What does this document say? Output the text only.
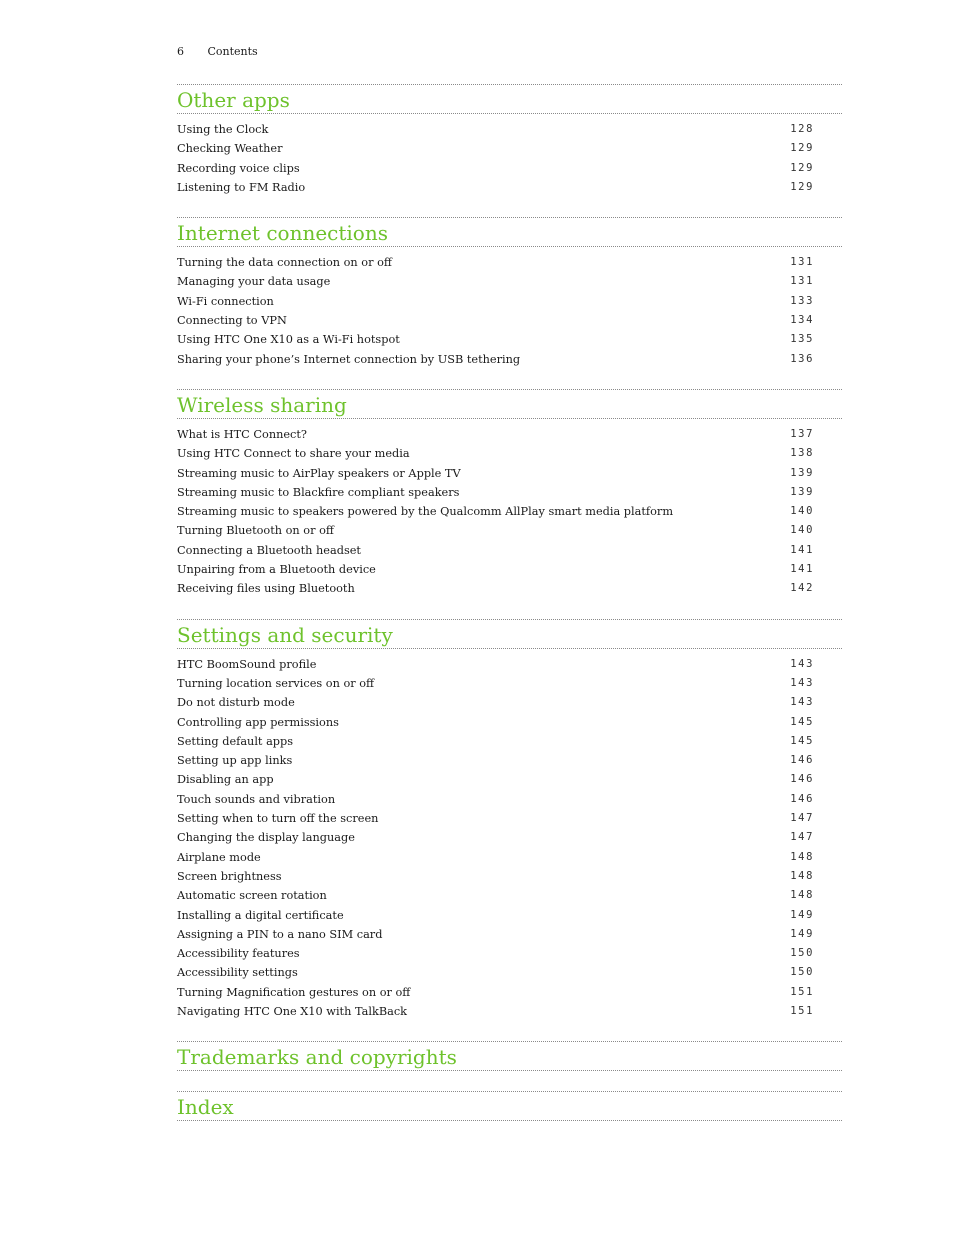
6 Contents
Other apps
Using the Clock	128
Checking Weather	129
Recording voice clips	129
Listening to FM Radio	129
Internet connections
Turning the data connection on or off	131
Managing your data usage	131
Wi-Fi connection	133
Connecting to VPN	134
Using HTC One X10 as a Wi-Fi hotspot	135
Sharing your phone’s Internet connection by USB tethering	136
Wireless sharing
What is HTC Connect?	137
Using HTC Connect to share your media	138
Streaming music to AirPlay speakers or Apple TV	139
Streaming music to Blackfire compliant speakers	139
Streaming music to speakers powered by the Qualcomm AllPlay smart media platform	140
Turning Bluetooth on or off	140
Connecting a Bluetooth headset	141
Unpairing from a Bluetooth device	141
Receiving files using Bluetooth	142
Settings and security
HTC BoomSound profile	143
Turning location services on or off	143
Do not disturb mode	143
Controlling app permissions	145
Setting default apps	145
Setting up app links	146
Disabling an app	146
Touch sounds and vibration	146
Setting when to turn off the screen	147
Changing the display language	147
Airplane mode	148
Screen brightness	148
Automatic screen rotation	148
Installing a digital certificate	149
Assigning a PIN to a nano SIM card	149
Accessibility features	150
Accessibility settings	150
Turning Magnification gestures on or off	151
Navigating HTC One X10 with TalkBack	151
Trademarks and copyrights
Index
